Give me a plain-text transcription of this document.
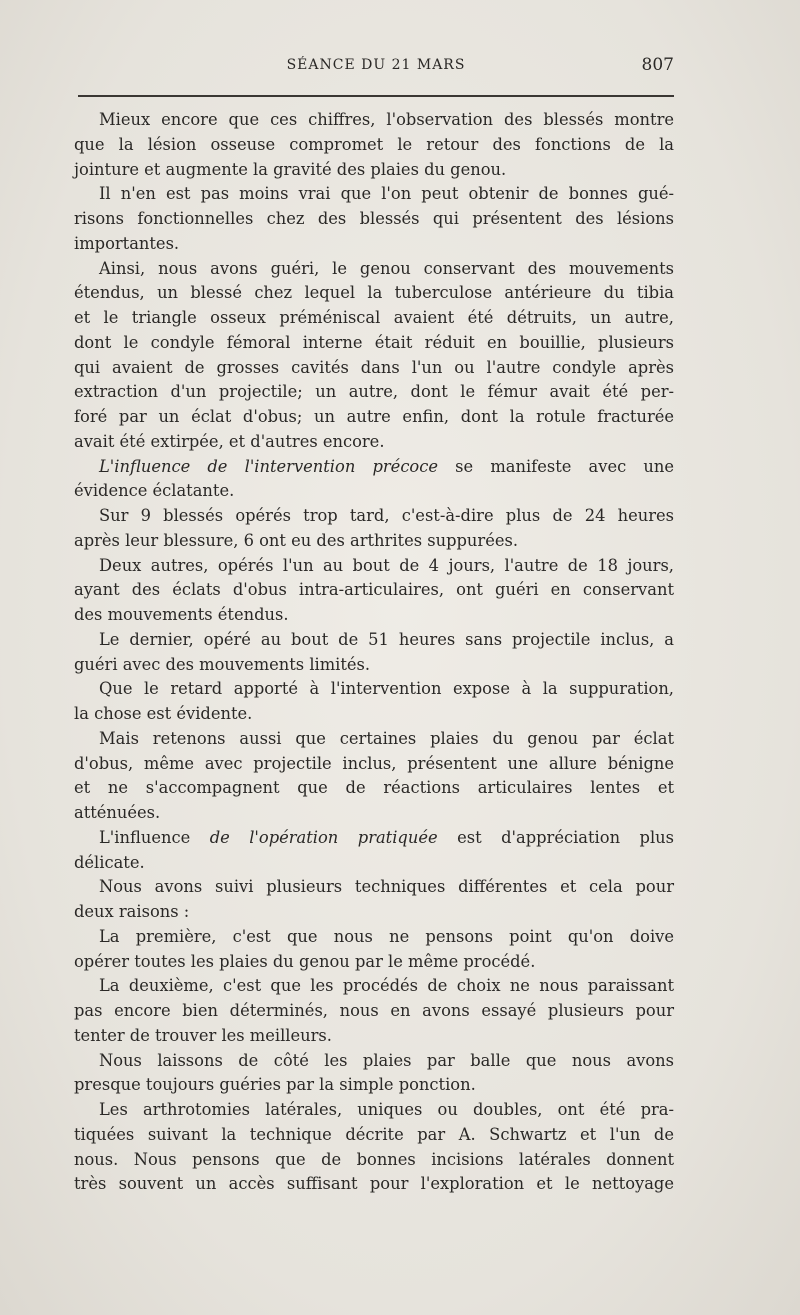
SÉANCE DU 21 MARS	807
Mieux encore que ces chiffres, l'observation des blessés montre
que la lésion osseuse compromet le retour des fonctions de la
jointure et augmente la gravité des plaies du genou.
Il n'en est pas moins vrai que l'on peut obtenir de bonnes gué-
risons fonctionnelles chez des blessés qui présentent des lésions
importantes.
Ainsi, nous avons guéri, le genou conservant des mouvements
étendus, un blessé chez lequel la tuberculose antérieure du tibia
et le triangle osseux préméniscal avaient été détruits, un autre,
dont le condyle fémoral interne était réduit en bouillie, plusieurs
qui avaient de grosses cavités dans l'un ou l'autre condyle après
extraction d'un projectile; un autre, dont le fémur avait été per-
foré par un éclat d'obus; un autre enfin, dont la rotule fracturée
avait été extirpée, et d'autres encore.
L'influence de l'intervention précoce se manifeste avec une
évidence éclatante.
Sur 9 blessés opérés trop tard, c'est-à-dire plus de 24 heures
après leur blessure, 6 ont eu des arthrites suppurées.
Deux autres, opérés l'un au bout de 4 jours, l'autre de 18 jours,
ayant des éclats d'obus intra-articulaires, ont guéri en conservant
des mouvements étendus.
Le dernier, opéré au bout de 51 heures sans projectile inclus, a
guéri avec des mouvements limités.
Que le retard apporté à l'intervention expose à la suppuration,
la chose est évidente.
Mais retenons aussi que certaines plaies du genou par éclat
d'obus, même avec projectile inclus, présentent une allure bénigne
et ne s'accompagnent que de réactions articulaires lentes et
atténuées.
L'influence de l'opération pratiquée est d'appréciation plus
délicate.
Nous avons suivi plusieurs techniques différentes et cela pour
deux raisons :
La première, c'est que nous ne pensons point qu'on doive
opérer toutes les plaies du genou par le même procédé.
La deuxième, c'est que les procédés de choix ne nous paraissant
pas encore bien déterminés, nous en avons essayé plusieurs pour
tenter de trouver les meilleurs.
Nous laissons de côté les plaies par balle que nous avons
presque toujours guéries par la simple ponction.
Les arthrotomies latérales, uniques ou doubles, ont été pra-
tiquées suivant la technique décrite par A. Schwartz et l'un de
nous. Nous pensons que de bonnes incisions latérales donnent
très souvent un accès suffisant pour l'exploration et le nettoyage
